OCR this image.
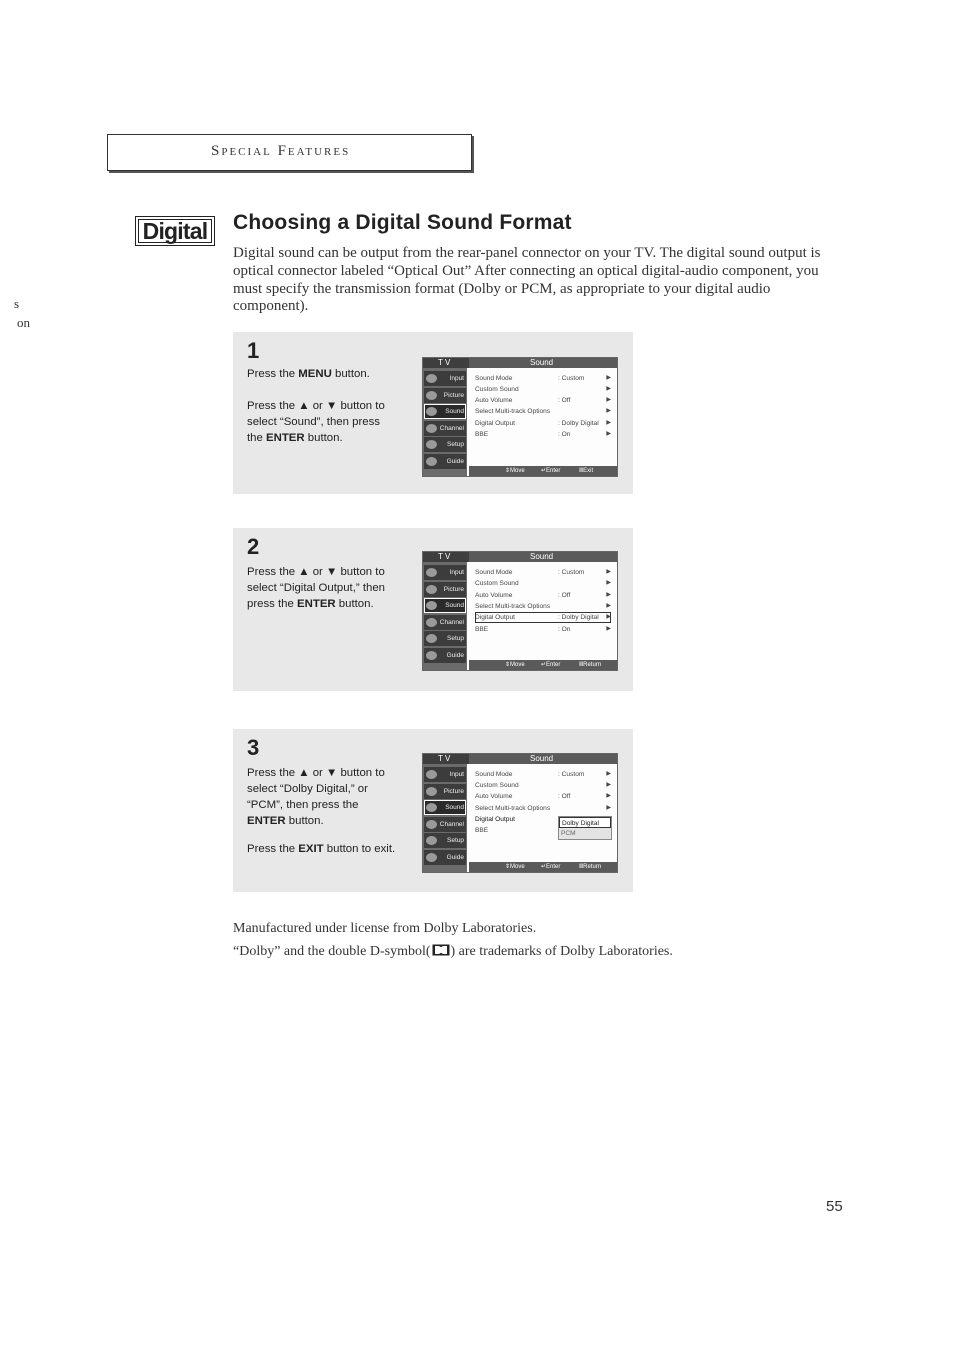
Special Features
s
on
Digital Choosing a Digital Sound Format
Digital sound can be output from the rear-panel connector on your TV. The digital sound output is optical connector labeled “Optical Out” After connecting an optical digital-audio component, you must specify the transmission format (Dolby or PCM, as appropriate to your digital audio component).
1

Press the MENU button.

Press the ▲ or ▼ button to select “Sound”, then press the ENTER button.

T V	Sound
Input
Picture
Sound
Channel
Setup
Guide
Sound Mode	: Custom	▶
Custom Sound	▶
Auto Volume	: Off	▶
Select Multi-track Options	▶
Digital Output	: Dolby Digital ▶
BBE	: On	▶
⇕ Move	↵ Enter	Ⅲ Exit
2

Press the ▲ or ▼ button to select “Digital Output,” then press the ENTER button.

T V	Sound
Input
Picture
Sound
Channel
Setup
Guide
Sound Mode	: Custom	▶
Custom Sound	▶
Auto Volume	: Off	▶
Select Multi-track Options	▶
Digital Output	: Dolby Digital ▶
BBE	: On	▶
⇕ Move	↵ Enter	Ⅲ Return
3

Press the ▲ or ▼ button to select “Dolby Digital,” or “PCM”, then press the ENTER button.

Press the EXIT button to exit.

T V	Sound
Input
Picture
Sound
Channel
Setup
Guide
Sound Mode	: Custom	▶
Custom Sound	▶
Auto Volume	: Off	▶
Select Multi-track Options	▶
Digital Output
BBE
Dolby Digital
PCM
⇕ Move	↵ Enter	Ⅲ Return
Manufactured under license from Dolby Laboratories.
“Dolby” and the double D-symbol( ) are trademarks of Dolby Laboratories.
55
